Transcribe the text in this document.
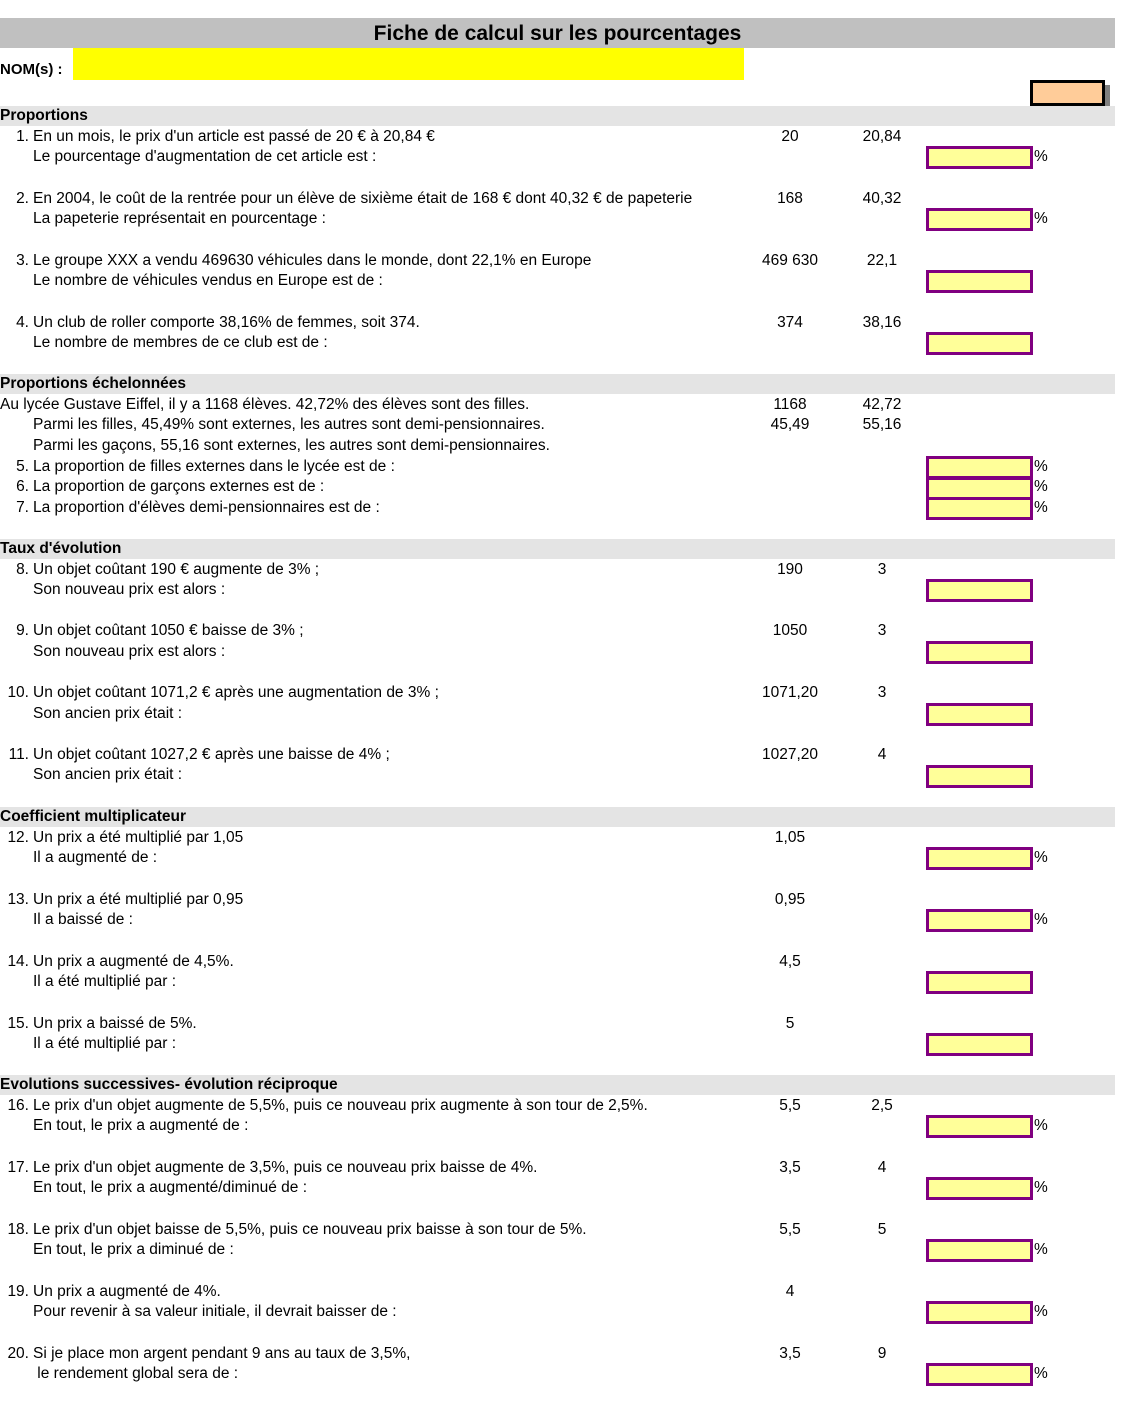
Fiche de calcul sur les pourcentages
NOM(s) :
Proportions
1. En un mois, le prix d'un article est passé de 20 € à 20,84 €
Le pourcentage d'augmentation de cet article est :
20	20,84
%
2. En 2004, le coût de la rentrée pour un élève de sixième était de 168 € dont 40,32 € de papeterie
La papeterie représentait en pourcentage :
168	40,32
%
3. Le groupe XXX a vendu 469630 véhicules dans le monde, dont 22,1% en Europe
Le nombre de véhicules vendus en Europe est de :
469 630	22,1
4. Un club de roller comporte 38,16% de femmes, soit 374.
Le nombre de membres de ce club est de :
374	38,16
Proportions échelonnées
Au lycée Gustave Eiffel, il y a 1168 élèves. 42,72% des élèves sont des filles.
Parmi les filles, 45,49% sont externes, les autres sont demi-pensionnaires.
Parmi les gaçons, 55,16 sont externes, les autres sont demi-pensionnaires.
1168	42,72
45,49	55,16
5. La proportion de filles externes dans le lycée est de :	%
6. La proportion de garçons externes est de :	%
7. La proportion d'élèves demi-pensionnaires est de :	%
Taux d'évolution
8. Un objet coûtant 190 € augmente de 3% ;
Son nouveau prix est alors :
190	3
9. Un objet coûtant 1050 € baisse de 3% ;
Son nouveau prix est alors :
1050	3
10. Un objet coûtant 1071,2 € après une augmentation de 3% ;
Son ancien prix était :
1071,20	3
11. Un objet coûtant 1027,2 € après une baisse de 4% ;
Son ancien prix était :
1027,20	4
Coefficient multiplicateur
12. Un prix a été multiplié par 1,05
Il a augmenté de :
1,05
%
13. Un prix a été multiplié par 0,95
Il a baissé de :
0,95
%
14. Un prix a augmenté de 4,5%.
Il a été multiplié par :
4,5
15. Un prix a baissé de 5%.
Il a été multiplié par :
5
Evolutions successives- évolution réciproque
16. Le prix d'un objet augmente de 5,5%, puis ce nouveau prix augmente à son tour de 2,5%.
En tout, le prix a augmenté de :
5,5	2,5
%
17. Le prix d'un objet augmente de 3,5%, puis ce nouveau prix baisse de 4%.
En tout, le prix a augmenté/diminué de :
3,5	4
%
18. Le prix d'un objet baisse de 5,5%, puis ce nouveau prix baisse à son tour de 5%.
En tout, le prix a diminué de :
5,5	5
%
19. Un prix a augmenté de 4%.
Pour revenir à sa valeur initiale, il devrait baisser de :
4
%
20. Si je place mon argent pendant 9 ans au taux de 3,5%,
le rendement global sera de :
3,5	9
%
